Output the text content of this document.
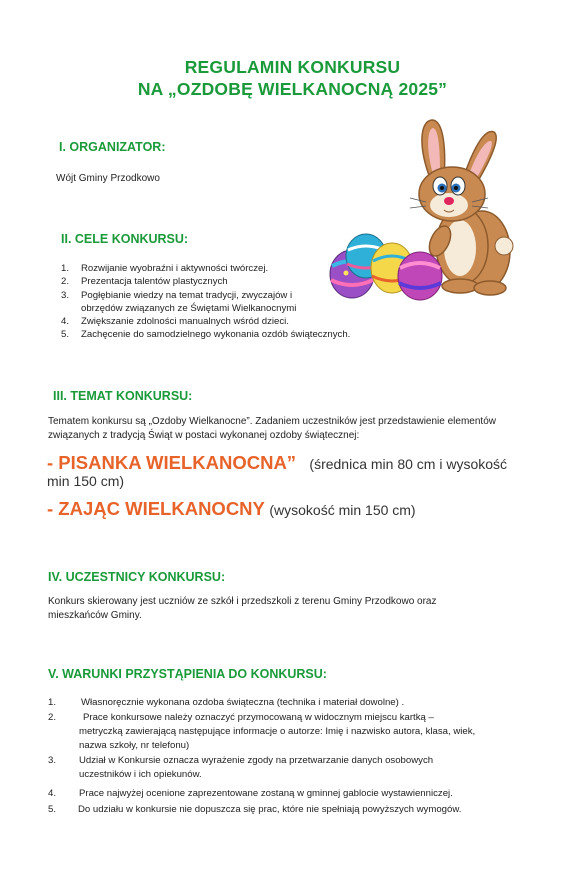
REGULAMIN KONKURSU
NA „OZDOBĘ WIELKANOCNĄ 2025”
I. ORGANIZATOR:
Wójt Gminy Przodkowo
II. CELE KONKURSU:
1. Rozwijanie wyobraźni i aktywności twórczej.
2. Prezentacja talentów plastycznych
3. Pogłębianie wiedzy na temat tradycji, zwyczajów i
obrzędów związanych ze Świętami Wielkanocnymi
4. Zwiększanie zdolności manualnych wśród dzieci.
5. Zachęcenie do samodzielnego wykonania ozdób świątecznych.
III. TEMAT KONKURSU:
Tematem konkursu są „Ozdoby Wielkanocne”. Zadaniem uczestników jest przedstawienie elementów
związanych z tradycją Świąt w postaci wykonanej ozdoby świątecznej:
- PISANKA WIELKANOCNA” (średnica min 80 cm i wysokość
min 150 cm)
- ZAJĄC WIELKANOCNY (wysokość min 150 cm)
IV. UCZESTNICY KONKURSU:
Konkurs skierowany jest uczniów ze szkół i przedszkoli z terenu Gminy Przodkowo oraz
mieszkańców Gminy.
V. WARUNKI PRZYSTĄPIENIA DO KONKURSU:
1.	Własnoręcznie wykonana ozdoba świąteczna (technika i materiał dowolne) .
2.	Prace konkursowe należy oznaczyć przymocowaną w widocznym miejscu kartką –
metryczką zawierającą następujące informacje o autorze: Imię i nazwisko autora, klasa, wiek,
nazwa szkoły, nr telefonu)
3. Udział w Konkursie oznacza wyrażenie zgody na przetwarzanie danych osobowych
uczestników i ich opiekunów.
4. Prace najwyżej ocenione zaprezentowane zostaną w gminnej gablocie wystawienniczej.
5. Do udziału w konkursie nie dopuszcza się prac, które nie spełniają powyższych wymogów.
